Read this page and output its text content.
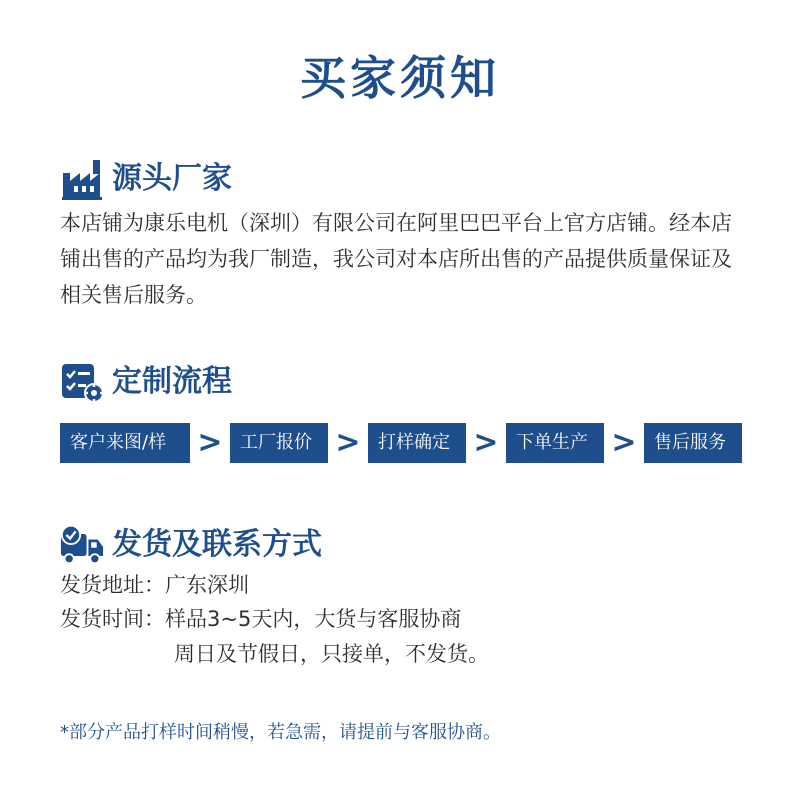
买家须知
源头厂家
本店铺为康乐电机（深圳）有限公司在阿里巴巴平台上官方店铺。经本店铺出售的产品均为我厂制造，我公司对本店所出售的产品提供质量保证及相关售后服务。
定制流程
客户来图/样	> 工厂报价 > 打样确定 > 下单生产 > 售后服务
发货及联系方式
发货地址：广东深圳
发货时间：样品3~5天内，大货与客服协商
周日及节假日，只接单，不发货。
*部分产品打样时间稍慢，若急需，请提前与客服协商。
